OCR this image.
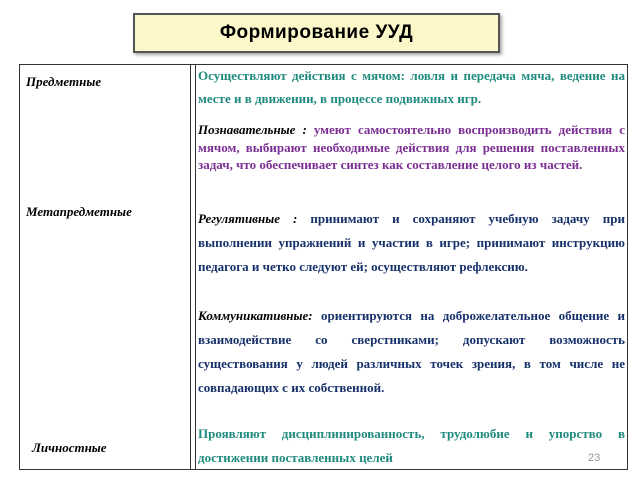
Формирование УУД
Предметные
Метапредметные
Личностные

Осуществляют действия с мячом: ловля и передача мяча, ведение на месте и в движении, в процессе подвижных игр.

Познавательные : умеют самостоятельно воспроизводить действия с мячом, выбирают необходимые действия для решения поставленных задач, что обеспечивает синтез как составление целого из частей.

Регулятивные : принимают и сохраняют учебную задачу при выполнении упражнений и участии в игре; принимают инструкцию педагога и четко следуют ей; осуществляют рефлексию.

Коммуникативные: ориентируются на доброжелательное общение и взаимодействие со сверстниками; допускают возможность существования у людей различных точек зрения, в том числе не совпадающих с их собственной.

Проявляют дисциплинированность, трудолюбие и упорство в достижении поставленных целей	23
